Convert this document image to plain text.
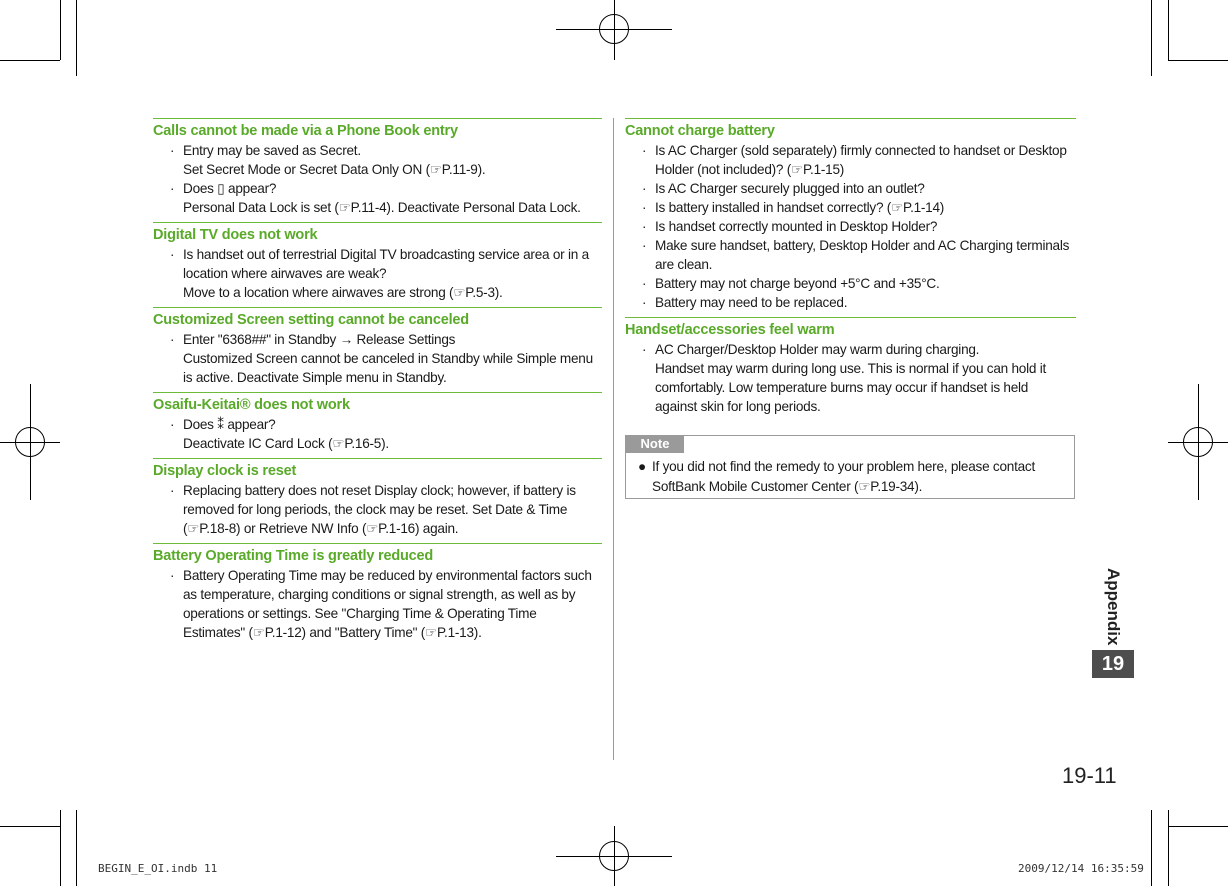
Calls cannot be made via a Phone Book entry
· Entry may be saved as Secret.
Set Secret Mode or Secret Data Only ON (☞P.11-9).
· Does ▯ appear?
Personal Data Lock is set (☞P.11-4). Deactivate Personal Data Lock.
Digital TV does not work
· Is handset out of terrestrial Digital TV broadcasting service area or in a
location where airwaves are weak?
Move to a location where airwaves are strong (☞P.5-3).
Customized Screen setting cannot be canceled
· Enter "6368##" in Standby → Release Settings
Customized Screen cannot be canceled in Standby while Simple menu
is active. Deactivate Simple menu in Standby.
Osaifu-Keitai® does not work
· Does ⁑ appear?
Deactivate IC Card Lock (☞P.16-5).
Display clock is reset
· Replacing battery does not reset Display clock; however, if battery is
removed for long periods, the clock may be reset. Set Date & Time
(☞P.18-8) or Retrieve NW Info (☞P.1-16) again.
Battery Operating Time is greatly reduced
· Battery Operating Time may be reduced by environmental factors such
as temperature, charging conditions or signal strength, as well as by
operations or settings. See "Charging Time & Operating Time
Estimates" (☞P.1-12) and "Battery Time" (☞P.1-13).
Cannot charge battery
· Is AC Charger (sold separately) firmly connected to handset or Desktop
Holder (not included)? (☞P.1-15)
· Is AC Charger securely plugged into an outlet?
· Is battery installed in handset correctly? (☞P.1-14)
· Is handset correctly mounted in Desktop Holder?
· Make sure handset, battery, Desktop Holder and AC Charging terminals
are clean.
· Battery may not charge beyond +5°C and +35°C.
· Battery may need to be replaced.
Handset/accessories feel warm
· AC Charger/Desktop Holder may warm during charging.
Handset may warm during long use. This is normal if you can hold it
comfortably. Low temperature burns may occur if handset is held
against skin for long periods.
Note
● If you did not find the remedy to your problem here, please contact
SoftBank Mobile Customer Center (☞P.19-34).
Appendix
19
19-11
BEGIN_E_OI.indb 11	2009/12/14 16:35:59
